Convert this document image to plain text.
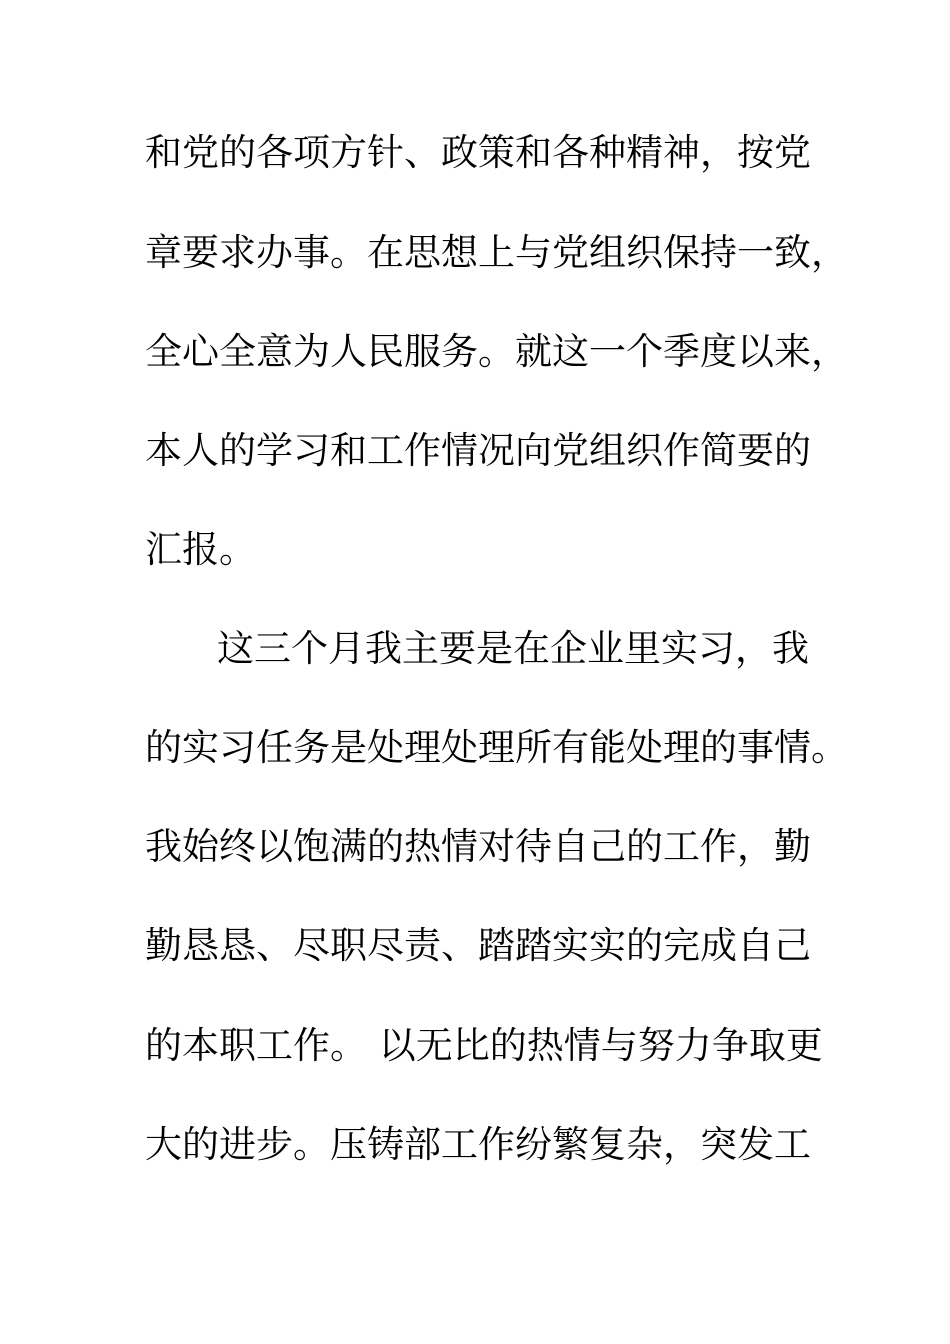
和党的各项方针、政策和各种精神，按党
章要求办事。在思想上与党组织保持一致，
全心全意为人民服务。就这一个季度以来，
本人的学习和工作情况向党组织作简要的
汇报。
这三个月我主要是在企业里实习，我
的实习任务是处理处理所有能处理的事情。
我始终以饱满的热情对待自己的工作，勤
勤恳恳、尽职尽责、踏踏实实的完成自己
的本职工作。 以无比的热情与努力争取更
大的进步。压铸部工作纷繁复杂，突发工
